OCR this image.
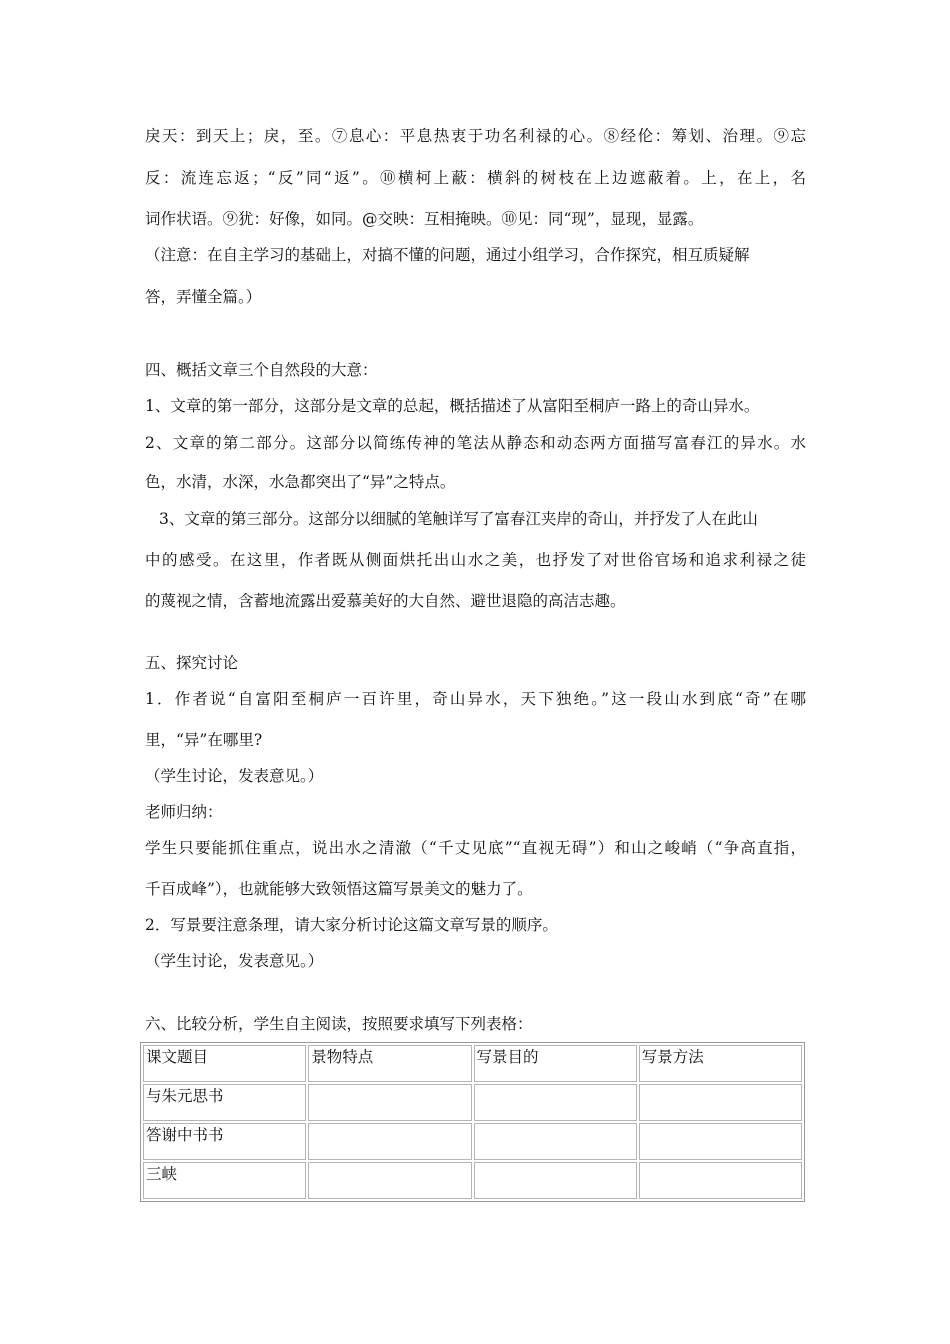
戾天：到天上；戾，至。⑦息心：平息热衷于功名利禄的心。⑧经伦：筹划、治理。⑨忘
反：流连忘返；“反”同“返”。⑩横柯上蔽：横斜的树枝在上边遮蔽着。上，在上，名
词作状语。⑨犹：好像，如同。@交映：互相掩映。⑩见：同“现”，显现，显露。
（注意：在自主学习的基础上，对搞不懂的问题，通过小组学习，合作探究，相互质疑解
答，弄懂全篇。）
四、概括文章三个自然段的大意：
1、文章的第一部分，这部分是文章的总起，概括描述了从富阳至桐庐一路上的奇山异水。
2、文章的第二部分。这部分以简练传神的笔法从静态和动态两方面描写富春江的异水。水
色，水清，水深，水急都突出了“异”之特点。
3、文章的第三部分。这部分以细腻的笔触详写了富春江夹岸的奇山，并抒发了人在此山
中的感受。在这里，作者既从侧面烘托出山水之美，也抒发了对世俗官场和追求利禄之徒
的蔑视之情，含蓄地流露出爱慕美好的大自然、避世退隐的高洁志趣。
五、探究讨论
1．作者说“自富阳至桐庐一百许里，奇山异水，天下独绝。”这一段山水到底“奇”在哪
里，“异”在哪里?
（学生讨论，发表意见。）
老师归纳：
学生只要能抓住重点，说出水之清澈（“千丈见底”“直视无碍”）和山之峻峭（“争高直指，
千百成峰”），也就能够大致领悟这篇写景美文的魅力了。
2．写景要注意条理，请大家分析讨论这篇文章写景的顺序。
（学生讨论，发表意见。）
六、比较分析，学生自主阅读，按照要求填写下列表格：
课文题目	景物特点	写景目的	写景方法
与朱元思书			
答谢中书书			
三峡			
